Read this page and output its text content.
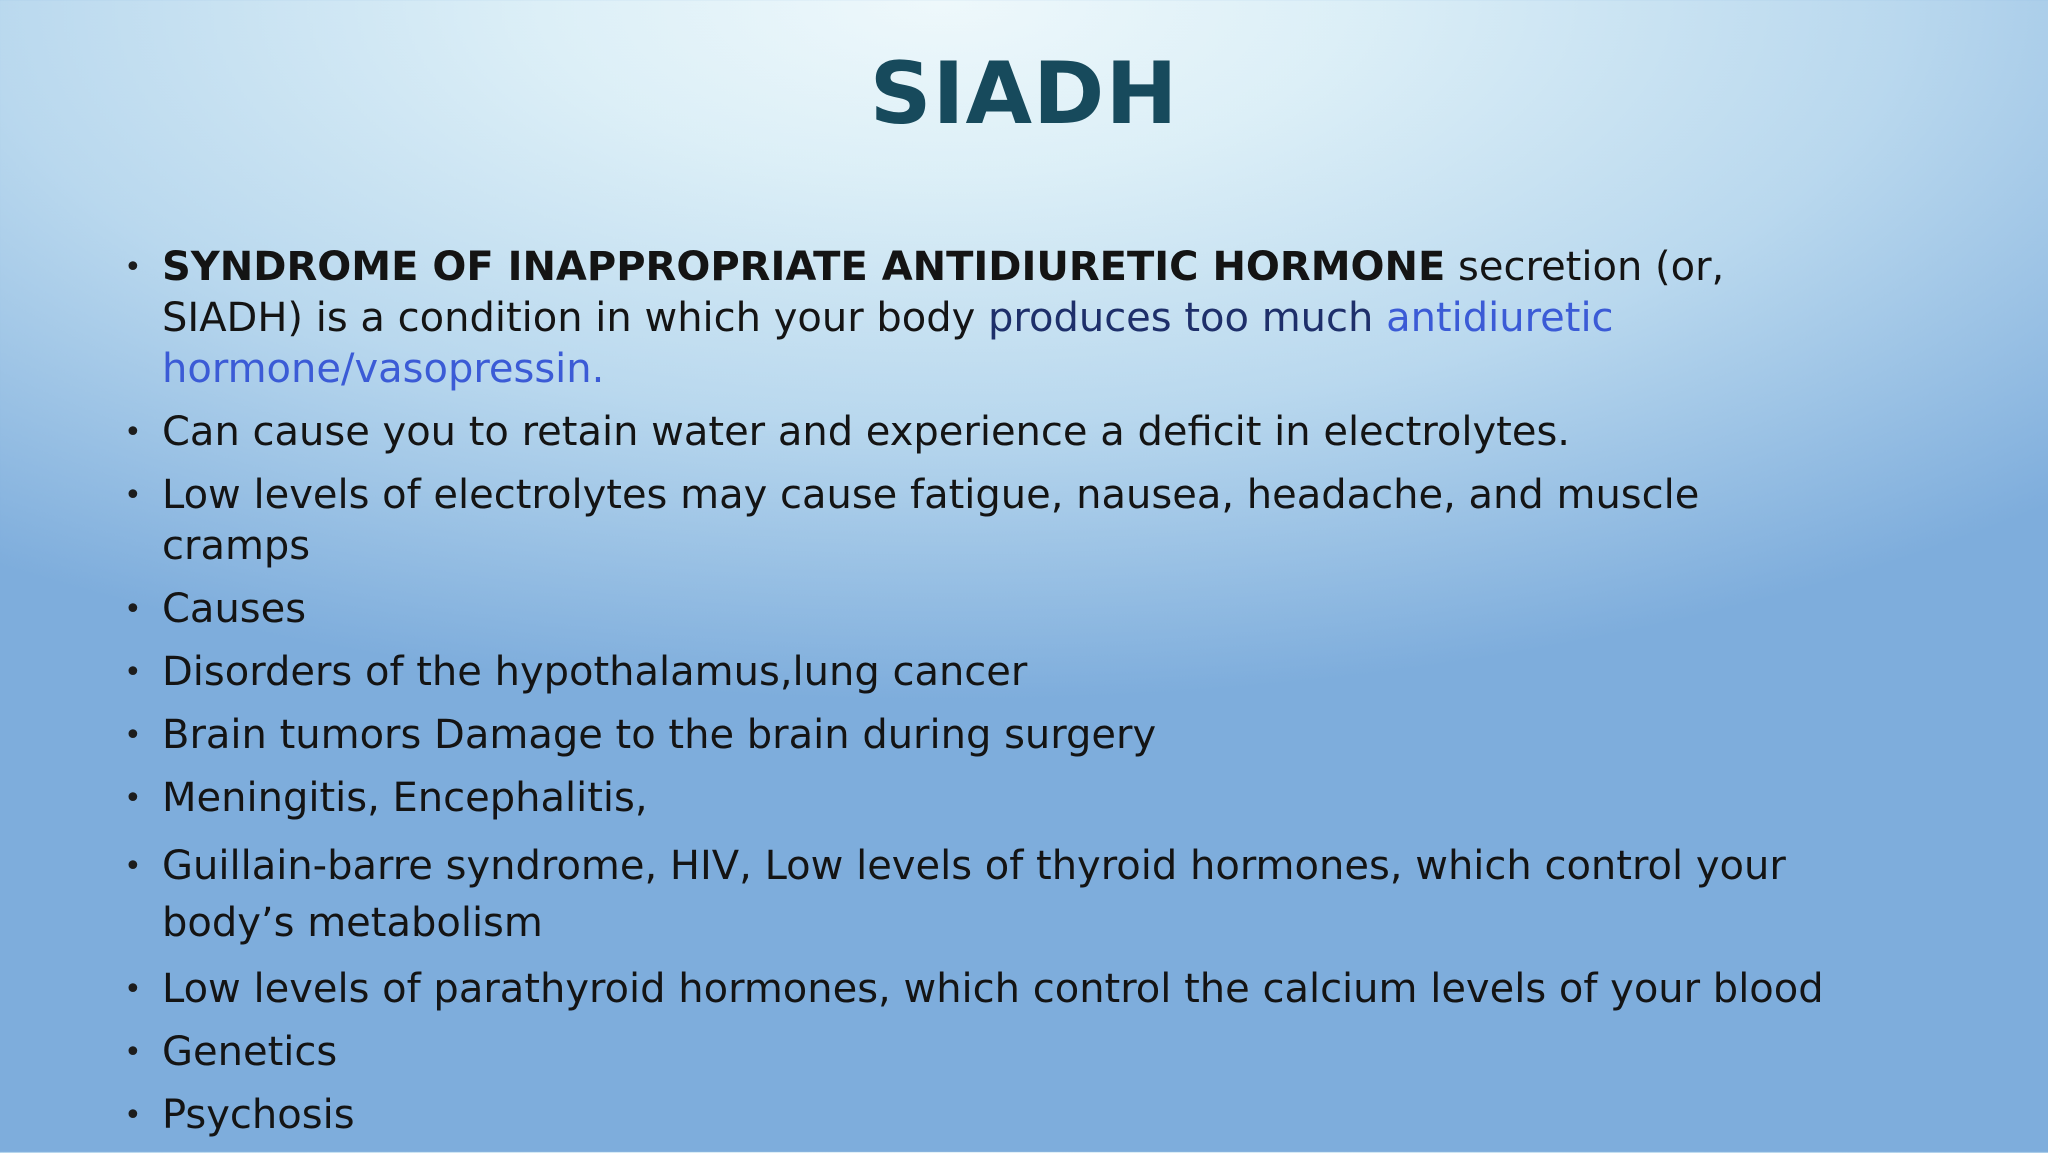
SIADH
• SYNDROME OF INAPPROPRIATE ANTIDIURETIC HORMONE secretion (or, SIADH) is a condition in which your body produces too much antidiuretic hormone/vasopressin.
• Can cause you to retain water and experience a deficit in electrolytes.
• Low levels of electrolytes may cause fatigue, nausea, headache, and muscle cramps
• Causes
• Disorders of the hypothalamus,lung cancer
• Brain tumors Damage to the brain during surgery
• Meningitis, Encephalitis,
• Guillain-barre syndrome, HIV, Low levels of thyroid hormones, which control your body’s metabolism
• Low levels of parathyroid hormones, which control the calcium levels of your blood
• Genetics
• Psychosis
